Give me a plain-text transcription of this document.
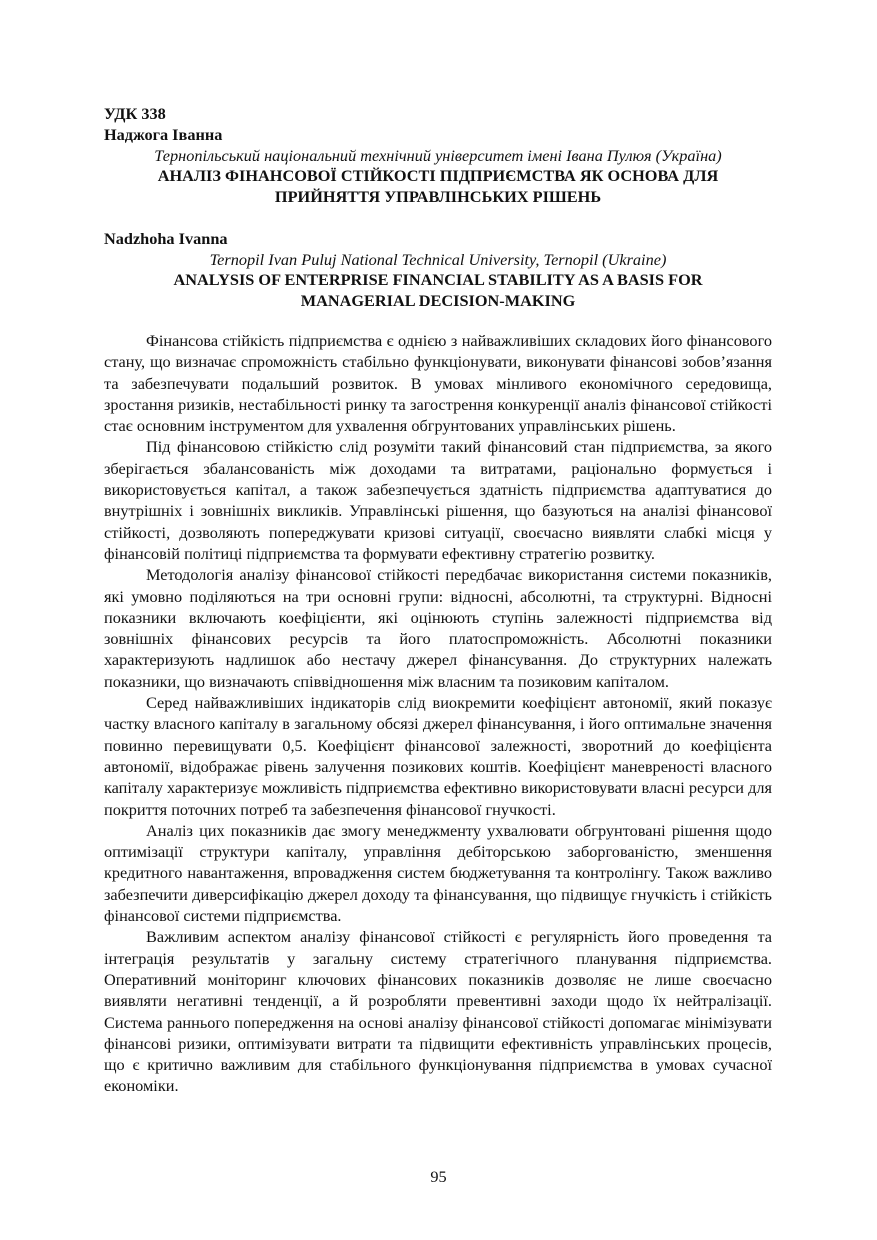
УДК 338

Наджога Іванна

Тернопільський національний технічний університет імені Івана Пулюя (Україна)

АНАЛІЗ ФІНАНСОВОЇ СТІЙКОСТІ ПІДПРИЄМСТВА ЯК ОСНОВА ДЛЯ ПРИЙНЯТТЯ УПРАВЛІНСЬКИХ РІШЕНЬ

Nadzhoha Ivanna

Ternopil Ivan Puluj National Technical University, Ternopil (Ukraine)

ANALYSIS OF ENTERPRISE FINANCIAL STABILITY AS A BASIS FOR MANAGERIAL DECISION-MAKING

Фінансова стійкість підприємства є однією з найважливіших складових його фінансового стану, що визначає спроможність стабільно функціонувати, виконувати фінансові зобов’язання та забезпечувати подальший розвиток. В умовах мінливого економічного середовища, зростання ризиків, нестабільності ринку та загострення конкуренції аналіз фінансової стійкості стає основним інструментом для ухвалення обгрунтованих управлінських рішень.

Під фінансовою стійкістю слід розуміти такий фінансовий стан підприємства, за якого зберігається збалансованість між доходами та витратами, раціонально формується і використовується капітал, а також забезпечується здатність підприємства адаптуватися до внутрішніх і зовнішніх викликів. Управлінські рішення, що базуються на аналізі фінансової стійкості, дозволяють попереджувати кризові ситуації, своєчасно виявляти слабкі місця у фінансовій політиці підприємства та формувати ефективну стратегію розвитку.

Методологія аналізу фінансової стійкості передбачає використання системи показників, які умовно поділяються на три основні групи: відносні, абсолютні, та структурні. Відносні показники включають коефіцієнти, які оцінюють ступінь залежності підприємства від зовнішніх фінансових ресурсів та його платоспроможність. Абсолютні показники характеризують надлишок або нестачу джерел фінансування. До структурних належать показники, що визначають співвідношення між власним та позиковим капіталом.

Серед найважливіших індикаторів слід виокремити коефіцієнт автономії, який показує частку власного капіталу в загальному обсязі джерел фінансування, і його оптимальне значення повинно перевищувати 0,5. Коефіцієнт фінансової залежності, зворотний до коефіцієнта автономії, відображає рівень залучення позикових коштів. Коефіцієнт маневреності власного капіталу характеризує можливість підприємства ефективно використовувати власні ресурси для покриття поточних потреб та забезпечення фінансової гнучкості.

Аналіз цих показників дає змогу менеджменту ухвалювати обгрунтовані рішення щодо оптимізації структури капіталу, управління дебіторською заборгованістю, зменшення кредитного навантаження, впровадження систем бюджетування та контролінгу. Також важливо забезпечити диверсифікацію джерел доходу та фінансування, що підвищує гнучкість і стійкість фінансової системи підприємства.

Важливим аспектом аналізу фінансової стійкості є регулярність його проведення та інтеграція результатів у загальну систему стратегічного планування підприємства. Оперативний моніторинг ключових фінансових показників дозволяє не лише своєчасно виявляти негативні тенденції, а й розробляти превентивні заходи щодо їх нейтралізації. Система раннього попередження на основі аналізу фінансової стійкості допомагає мінімізувати фінансові ризики, оптимізувати витрати та підвищити ефективність управлінських процесів, що є критично важливим для стабільного функціонування підприємства в умовах сучасної економіки.

95
